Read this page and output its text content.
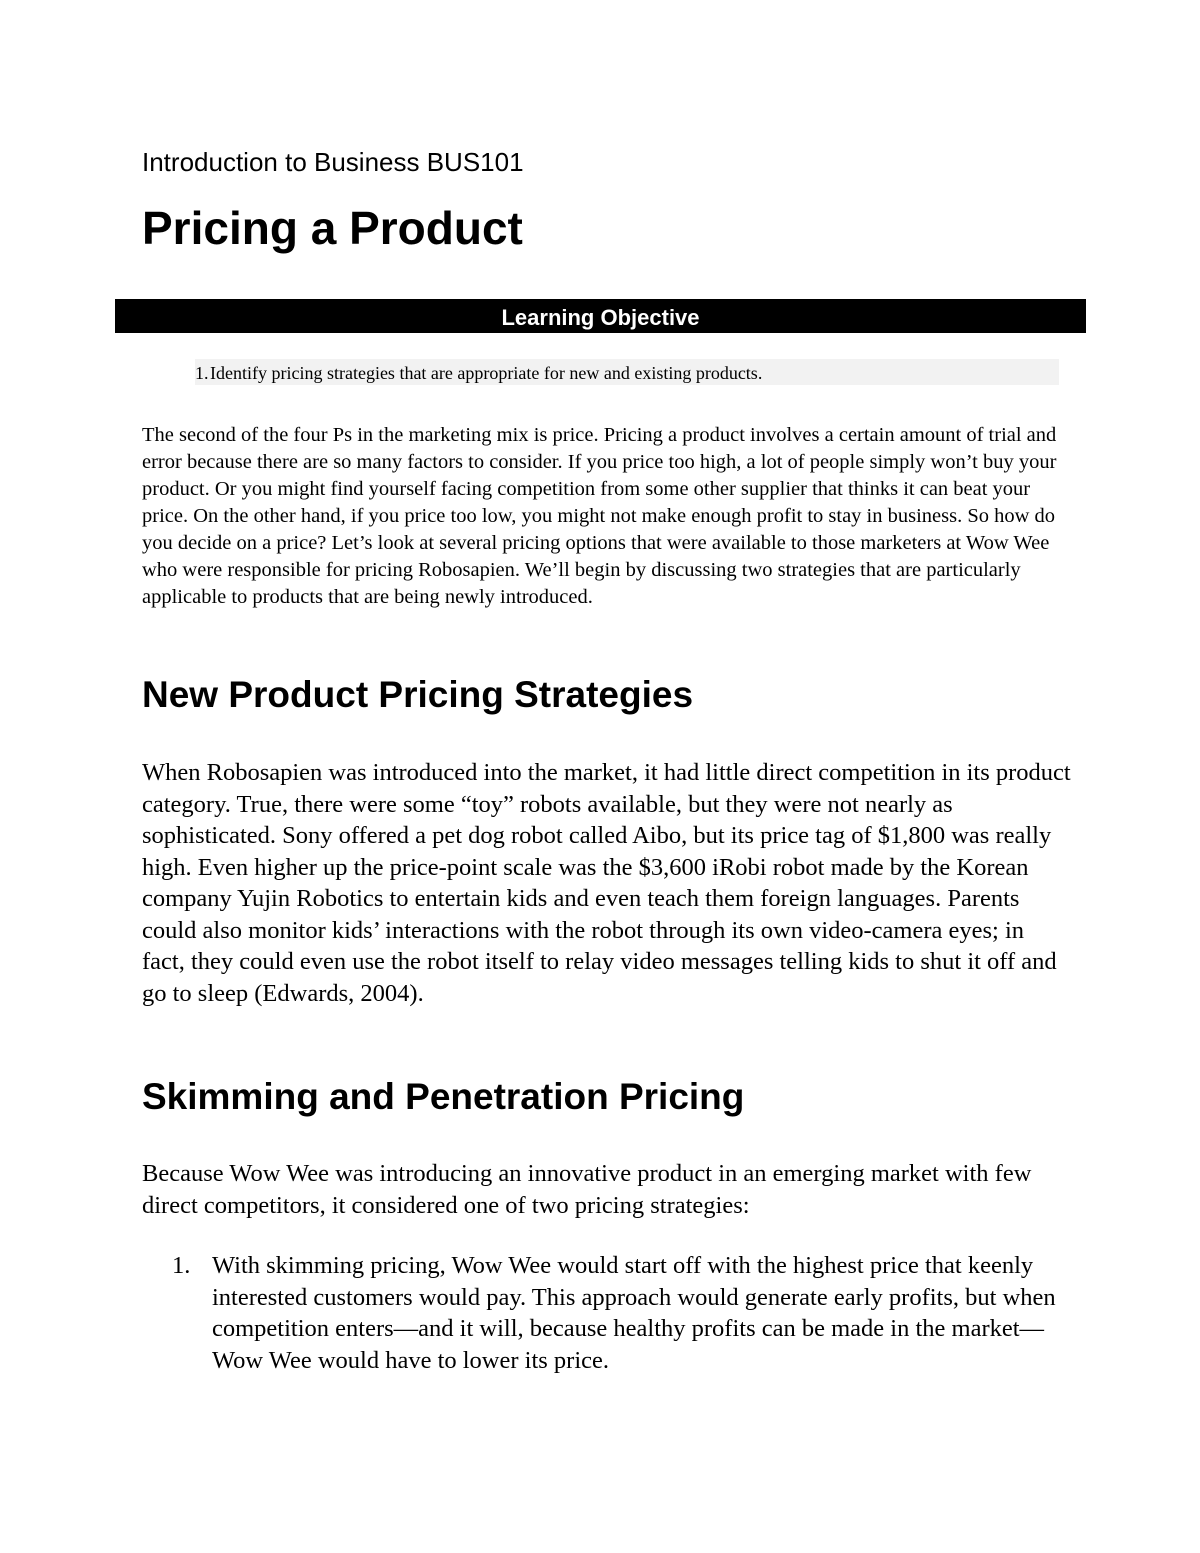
Introduction to Business BUS101

Pricing a Product
Learning Objective
1. Identify pricing strategies that are appropriate for new and existing products.

The second of the four Ps in the marketing mix is price. Pricing a product involves a certain amount of trial and error because there are so many factors to consider. If you price too high, a lot of people simply won’t buy your product. Or you might find yourself facing competition from some other supplier that thinks it can beat your price. On the other hand, if you price too low, you might not make enough profit to stay in business. So how do you decide on a price? Let’s look at several pricing options that were available to those marketers at Wow Wee who were responsible for pricing Robosapien. We’ll begin by discussing two strategies that are particularly applicable to products that are being newly introduced.

New Product Pricing Strategies

When Robosapien was introduced into the market, it had little direct competition in its product category. True, there were some “toy” robots available, but they were not nearly as sophisticated. Sony offered a pet dog robot called Aibo, but its price tag of $1,800 was really high. Even higher up the price-point scale was the $3,600 iRobi robot made by the Korean company Yujin Robotics to entertain kids and even teach them foreign languages. Parents could also monitor kids’ interactions with the robot through its own video-camera eyes; in fact, they could even use the robot itself to relay video messages telling kids to shut it off and go to sleep (Edwards, 2004).

Skimming and Penetration Pricing

Because Wow Wee was introducing an innovative product in an emerging market with few direct competitors, it considered one of two pricing strategies:

1. With skimming pricing, Wow Wee would start off with the highest price that keenly interested customers would pay. This approach would generate early profits, but when competition enters—and it will, because healthy profits can be made in the market—Wow Wee would have to lower its price.
